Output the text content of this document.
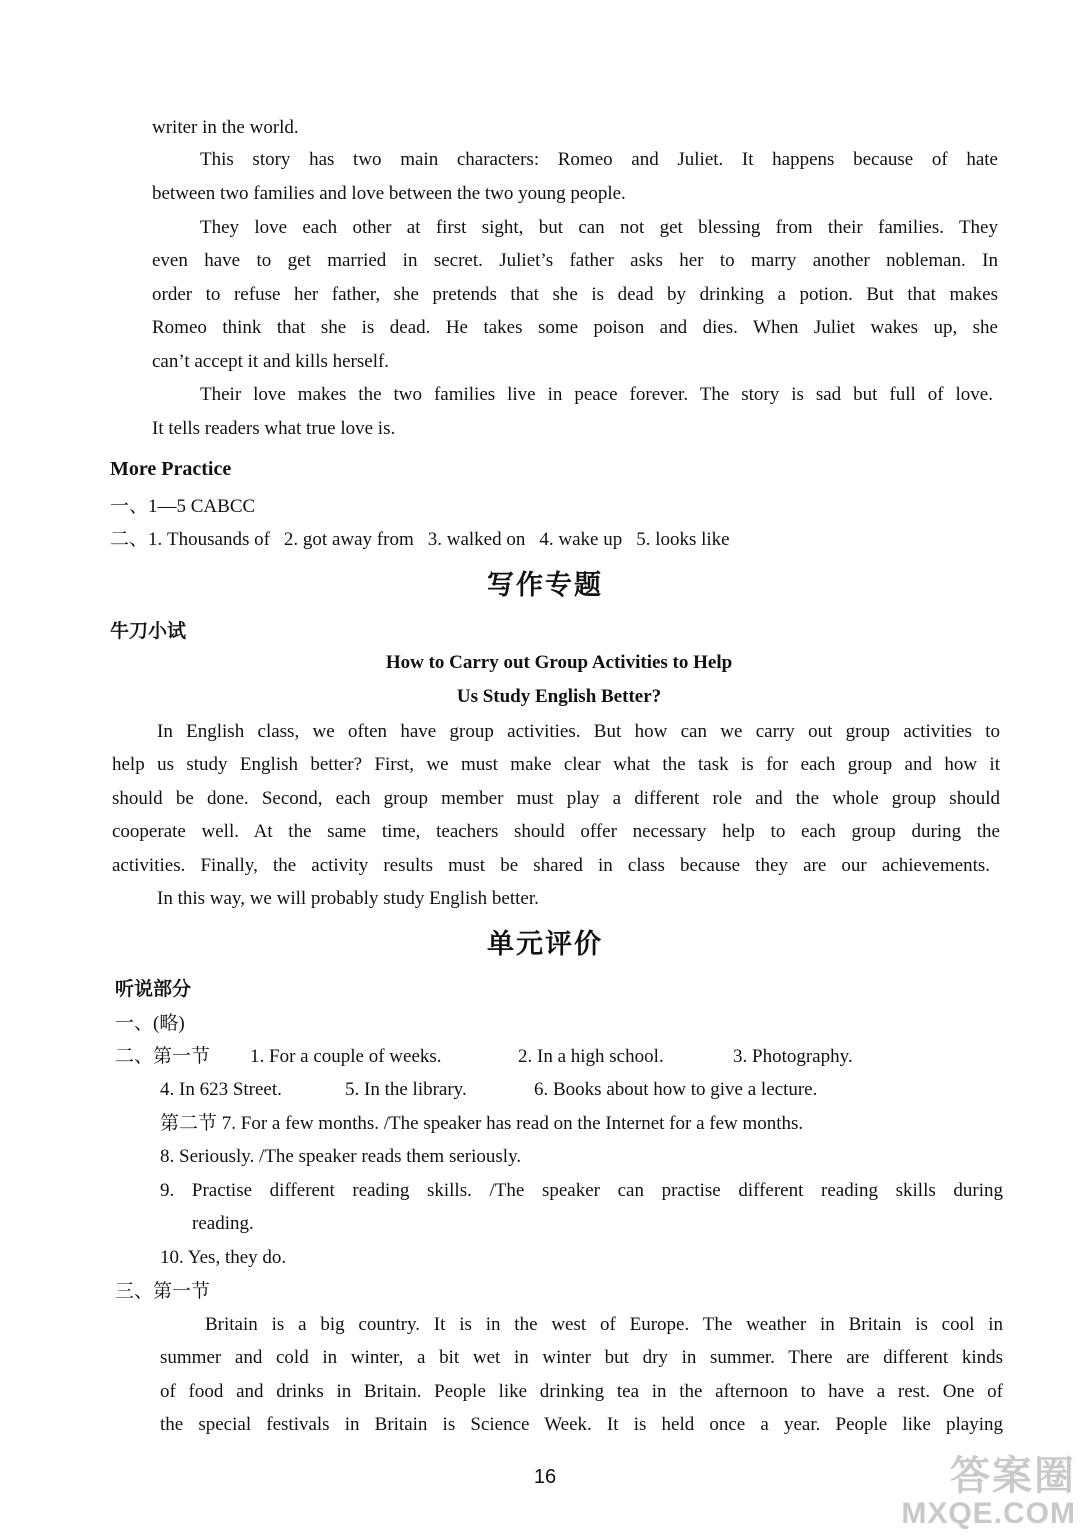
writer in the world.
This story has two main characters: Romeo and Juliet. It happens because of hate
between two families and love between the two young people.
They love each other at first sight, but can not get blessing from their families. They
even have to get married in secret. Juliet’s father asks her to marry another nobleman. In
order to refuse her father, she pretends that she is dead by drinking a potion. But that makes
Romeo think that she is dead. He takes some poison and dies. When Juliet wakes up, she
can’t accept it and kills herself.
Their love makes the two families live in peace forever. The story is sad but full of love.
It tells readers what true love is.
More Practice
一、1—5 CABCC
二、1. Thousands of 2. got away from 3. walked on 4. wake up 5. looks like
写作专题
牛刀小试
How to Carry out Group Activities to Help
Us Study English Better?
In English class, we often have group activities. But how can we carry out group activities to
help us study English better? First, we must make clear what the task is for each group and how it
should be done. Second, each group member must play a different role and the whole group should
cooperate well. At the same time, teachers should offer necessary help to each group during the
activities. Finally, the activity results must be shared in class because they are our achievements.
In this way, we will probably study English better.
单元评价
听说部分
一、(略)
二、第一节 1. For a couple of weeks.	2. In a high school.	3. Photography.
4. In 623 Street.	5. In the library.	6. Books about how to give a lecture.
第二节 7. For a few months. /The speaker has read on the Internet for a few months.
8. Seriously. /The speaker reads them seriously.
9. Practise different reading skills. /The speaker can practise different reading skills during
reading.
10. Yes, they do.
三、第一节
Britain is a big country. It is in the west of Europe. The weather in Britain is cool in
summer and cold in winter, a bit wet in winter but dry in summer. There are different kinds
of food and drinks in Britain. People like drinking tea in the afternoon to have a rest. One of
the special festivals in Britain is Science Week. It is held once a year. People like playing
16	答案圈
MXQE.COM
